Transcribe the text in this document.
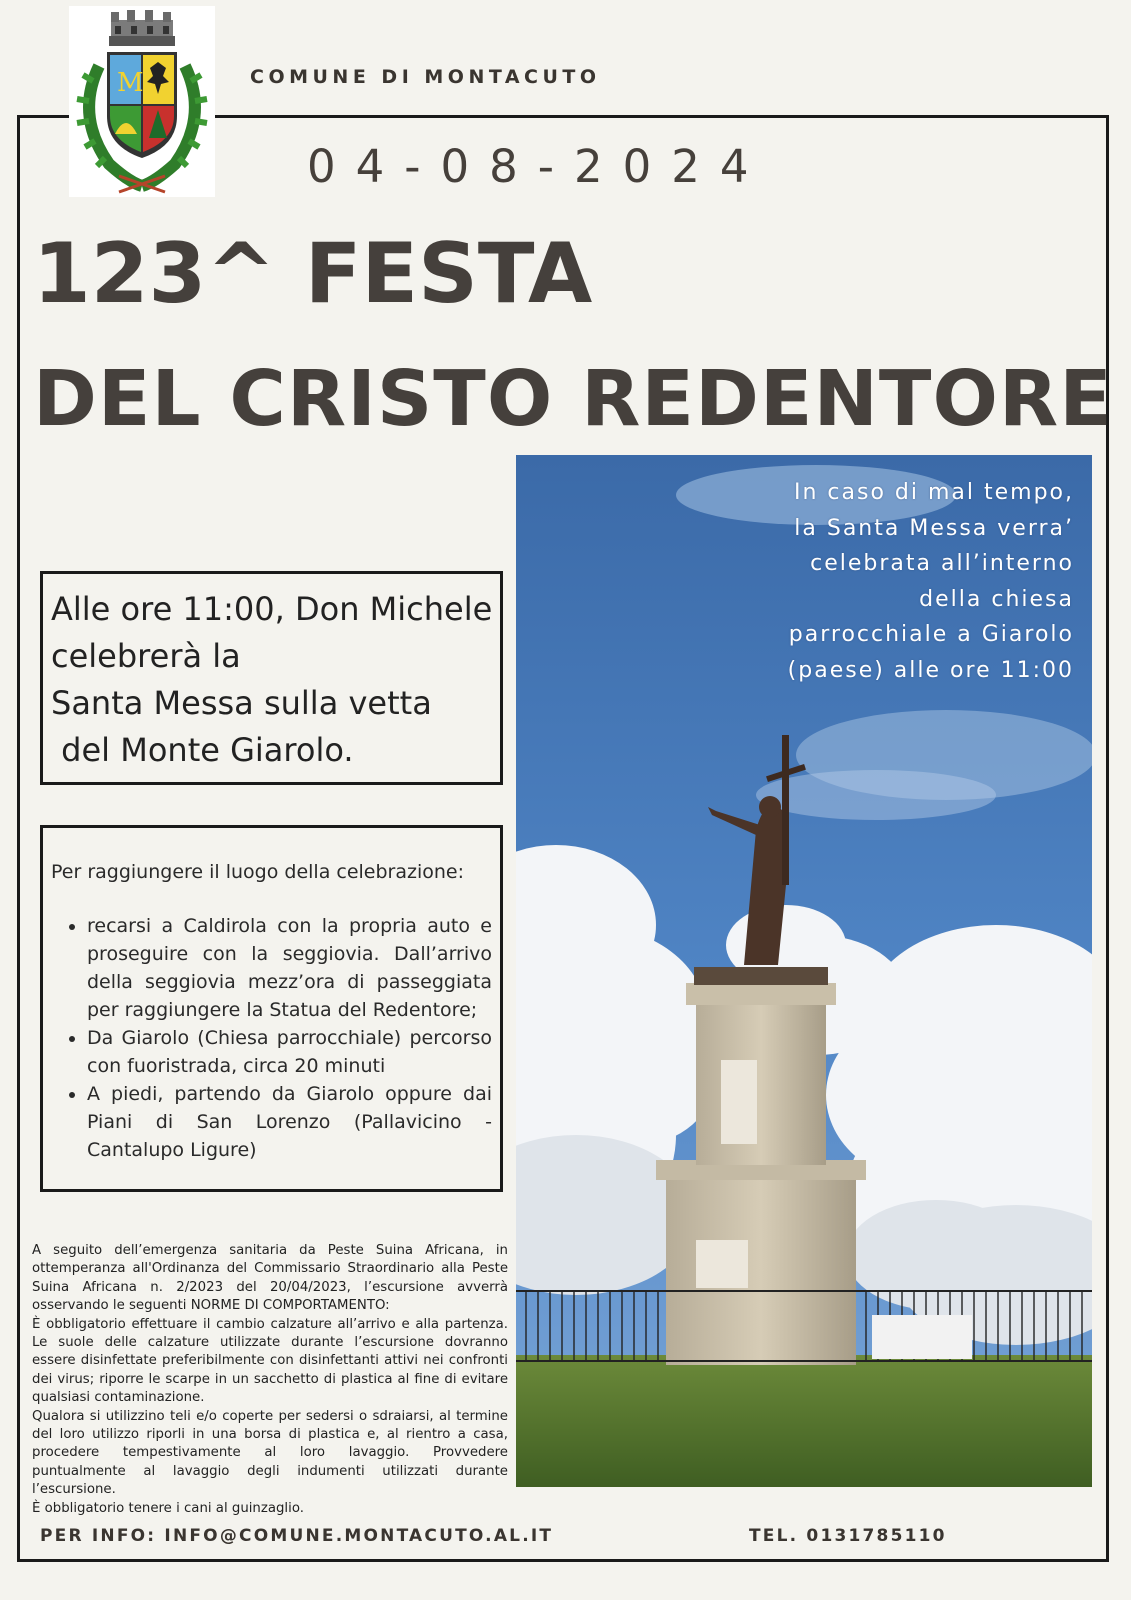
M	COMUNE DI MONTACUTO
04-08-2024
123^ FESTA
DEL CRISTO REDENTORE
Alle ore 11:00, Don Michele
celebrerà la
Santa Messa sulla vetta
del Monte Giarolo.
Per raggiungere il luogo della celebrazione:
• recarsi a Caldirola con la propria auto e proseguire con la seggiovia. Dall’arrivo della seggiovia mezz’ora di passeggiata per raggiungere la Statua del Redentore;
• Da Giarolo (Chiesa parrocchiale) percorso con fuoristrada, circa 20 minuti
• A piedi, partendo da Giarolo oppure dai Piani di San Lorenzo (Pallavicino - Cantalupo Ligure)

A seguito dell’emergenza sanitaria da Peste Suina Africana, in ottemperanza all'Ordinanza del Commissario Straordinario alla Peste Suina Africana n. 2/2023 del 20/04/2023, l’escursione avverrà osservando le seguenti NORME DI COMPORTAMENTO:

È obbligatorio effettuare il cambio calzature all’arrivo e alla partenza. Le suole delle calzature utilizzate durante l’escursione dovranno essere disinfettate preferibilmente con disinfettanti attivi nei confronti dei virus; riporre le scarpe in un sacchetto di plastica al fine di evitare qualsiasi contaminazione.

Qualora si utilizzino teli e/o coperte per sedersi o sdraiarsi, al termine del loro utilizzo riporli in una borsa di plastica e, al rientro a casa, procedere tempestivamente al loro lavaggio. Provvedere puntualmente al lavaggio degli indumenti utilizzati durante l’escursione.

È obbligatorio tenere i cani al guinzaglio.

In caso di mal tempo,
la Santa Messa verra’
celebrata all’interno
della chiesa
parrocchiale a Giarolo
(paese) alle ore 11:00
PER INFO: INFO@COMUNE.MONTACUTO.AL.IT	TEL. 0131785110
